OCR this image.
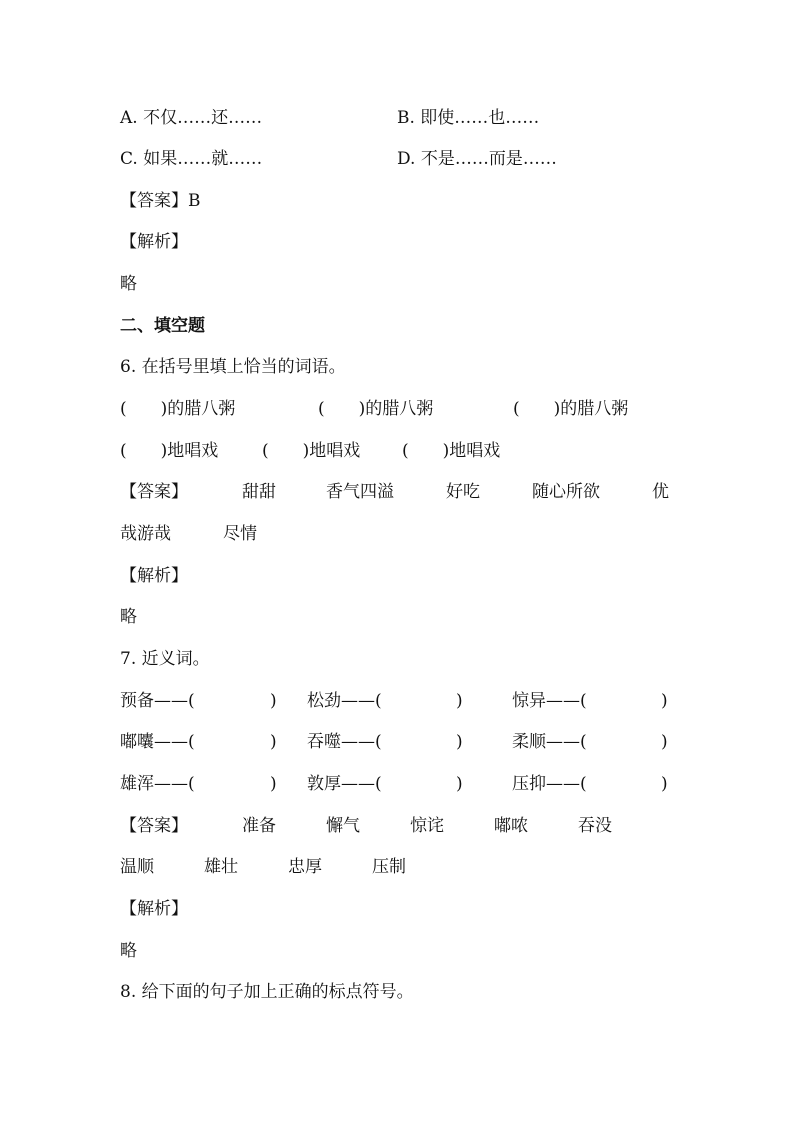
A. 不仅……还……	B. 即使……也……
C. 如果……就……	D. 不是……而是……
【答案】B
【解析】
略
二、填空题
6. 在括号里填上恰当的词语。
(　　)的腊八粥	(　　)的腊八粥	(　　)的腊八粥
(　　)地唱戏	(　　)地唱戏 (　　)地唱戏
【答案】	甜甜	香气四溢	好吃	随心所欲	优
哉游哉	尽情
【解析】
略
7. 近义词。
预备——(	) 松劲——(	)	惊异——(	)
嘟囔——(	) 吞噬——(	)	柔顺——(	)
雄浑——(	) 敦厚——(	)	压抑——(	)
【答案】	准备	懈气	惊诧	嘟哝	吞没
温顺	雄壮	忠厚	压制
【解析】
略
8. 给下面的句子加上正确的标点符号。
